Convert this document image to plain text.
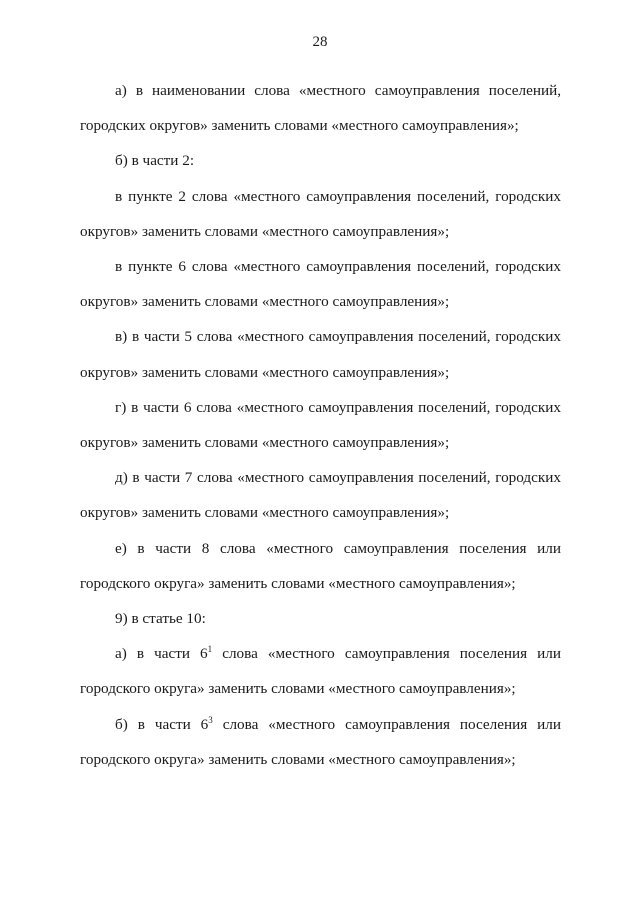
28

а) в наименовании слова «местного самоуправления поселений, городских округов» заменить словами «местного самоуправления»;

б) в части 2:

в пункте 2 слова «местного самоуправления поселений, городских округов» заменить словами «местного самоуправления»;

в пункте 6 слова «местного самоуправления поселений, городских округов» заменить словами «местного самоуправления»;

в) в части 5 слова «местного самоуправления поселений, городских округов» заменить словами «местного самоуправления»;

г) в части 6 слова «местного самоуправления поселений, городских округов» заменить словами «местного самоуправления»;

д) в части 7 слова «местного самоуправления поселений, городских округов» заменить словами «местного самоуправления»;

е) в части 8 слова «местного самоуправления поселения или городского округа» заменить словами «местного самоуправления»;

9) в статье 10:

а) в части $6^1$ слова «местного самоуправления поселения или городского округа» заменить словами «местного самоуправления»;

б) в части $6^3$ слова «местного самоуправления поселения или городского округа» заменить словами «местного самоуправления»;
